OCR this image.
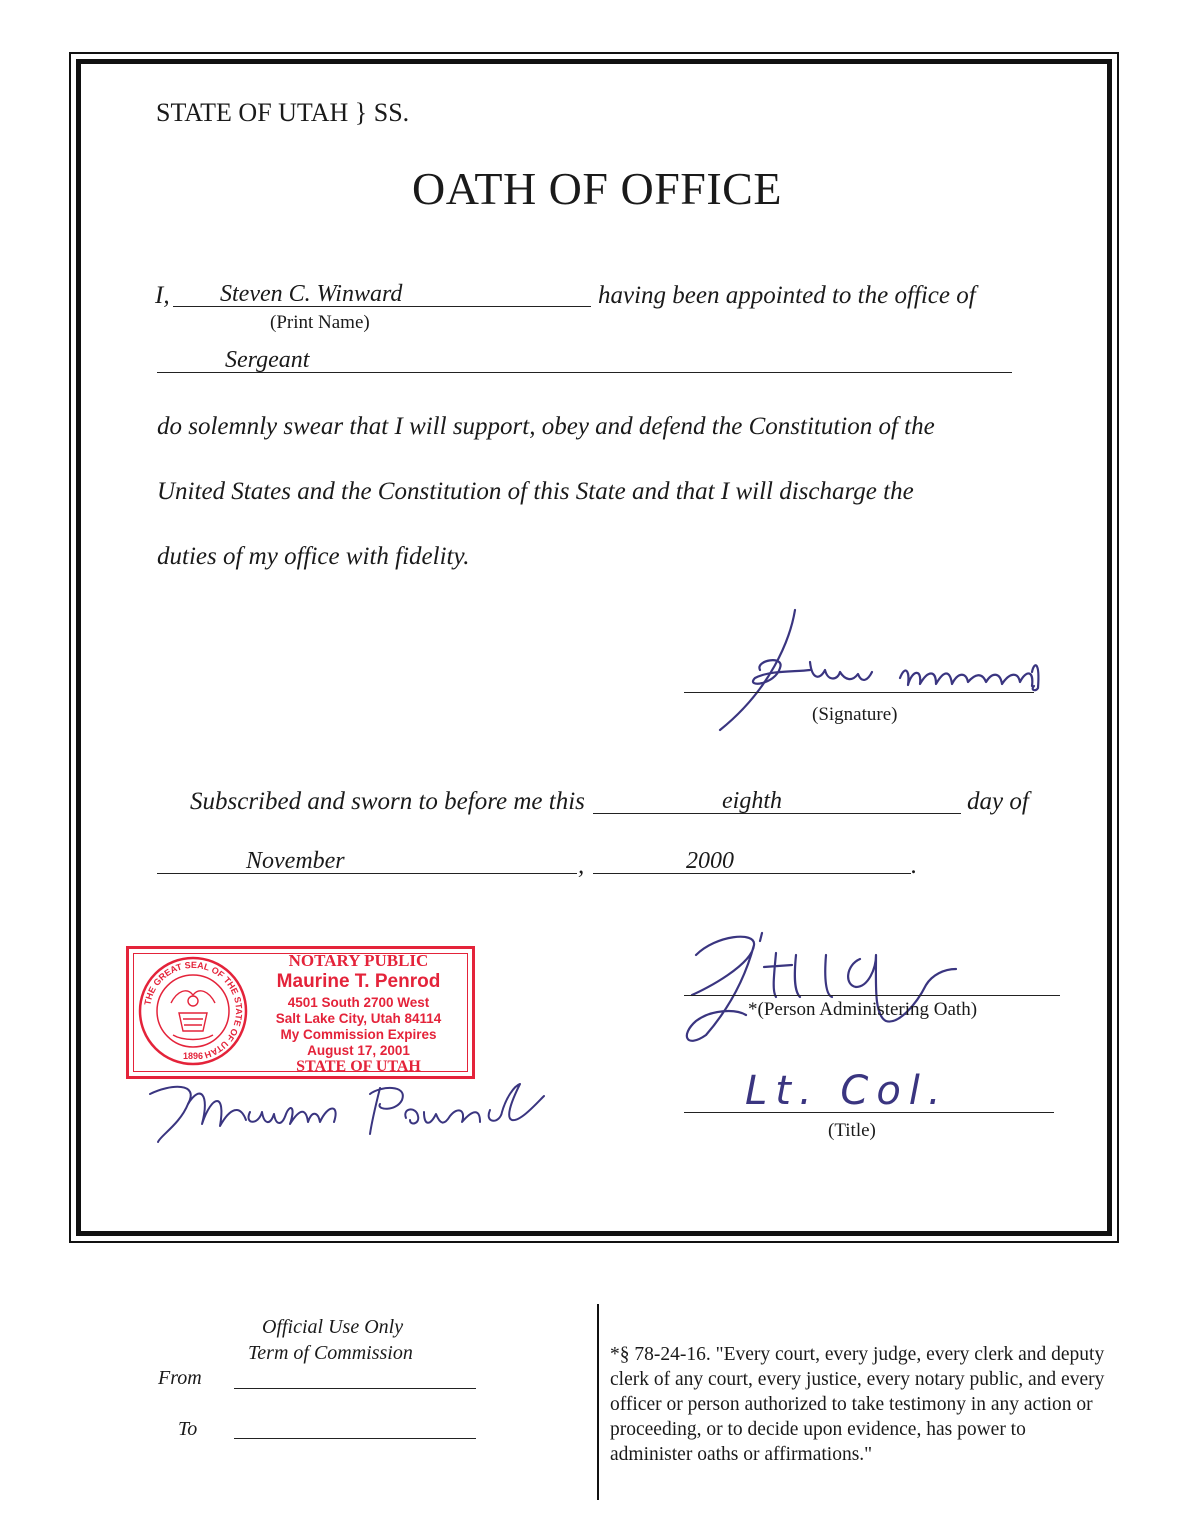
STATE OF UTAH } SS.
OATH OF OFFICE
I, Steven C. Winward
(Print Name)
having been appointed to the office of
Sergeant
do solemnly swear that I will support, obey and defend the Constitution of the
United States and the Constitution of this State and that I will discharge the
duties of my office with fidelity.
(Signature)
Subscribed and sworn to before me this	eighth	day of
November	,	2000	.
THE GREAT SEAL OF THE STATE OF UTAH
1896
NOTARY PUBLIC
Maurine T. Penrod
4501 South 2700 West
Salt Lake City, Utah 84114
My Commission Expires
August 17, 2001
STATE OF UTAH
*(Person Administering Oath)
Lt. Col.
(Title)
Official Use Only
Term of Commission
From
To
*§ 78-24-16. "Every court, every judge, every clerk and deputy clerk of any court, every justice, every notary public, and every officer or person authorized to take testimony in any action or proceeding, or to decide upon evidence, has power to administer oaths or affirmations."
